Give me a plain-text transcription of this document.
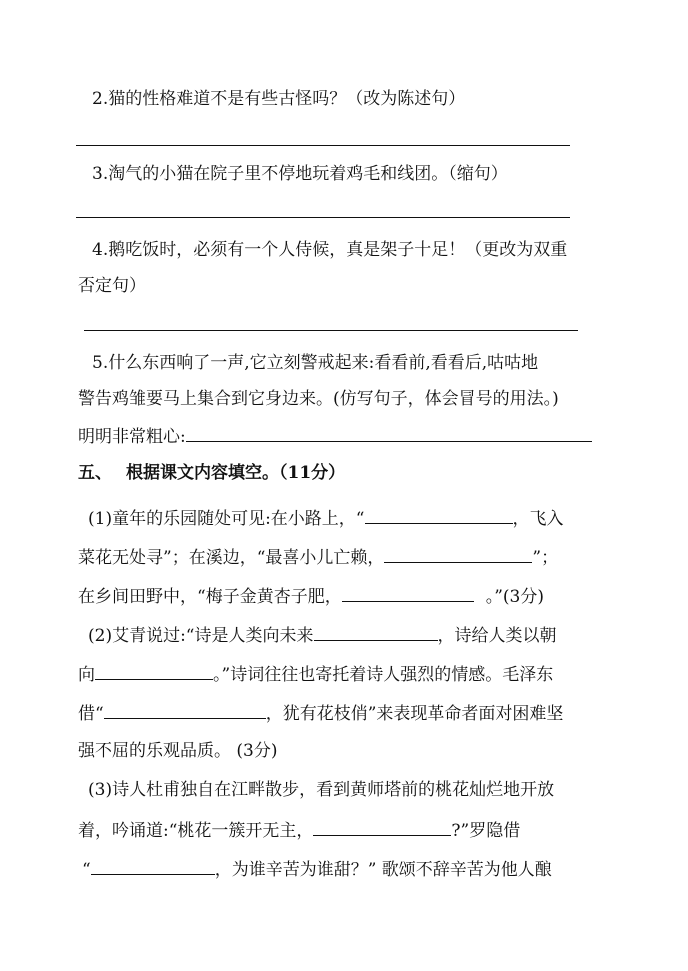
2.猫的性格难道不是有些古怪吗？（改为陈述句）
3.淘气的小猫在院子里不停地玩着鸡毛和线团。（缩句）
4.鹅吃饭时，必须有一个人侍候，真是架子十足！（更改为双重
否定句）
5.什么东西响了一声,它立刻警戒起来:看看前,看看后,咕咕地
警告鸡雏要马上集合到它身边来。(仿写句子，体会冒号的用法。)
明明非常粗心:
五、 根据课文内容填空。（11分）
(1)童年的乐园随处可见:在小路上，“	，飞入
菜花无处寻”；在溪边，“最喜小儿亡赖，	”；
在乡间田野中，“梅子金黄杏子肥，	。”(3分)
(2)艾青说过:“诗是人类向未来	，诗给人类以朝
向	。”诗词往往也寄托着诗人强烈的情感。毛泽东
借“	，犹有花枝俏”来表现革命者面对困难坚
强不屈的乐观品质。 (3分)
(3)诗人杜甫独自在江畔散步，看到黄师塔前的桃花灿烂地开放
着，吟诵道:“桃花一簇开无主，	?”罗隐借
“	，为谁辛苦为谁甜？” 歌颂不辞辛苦为他人酿
